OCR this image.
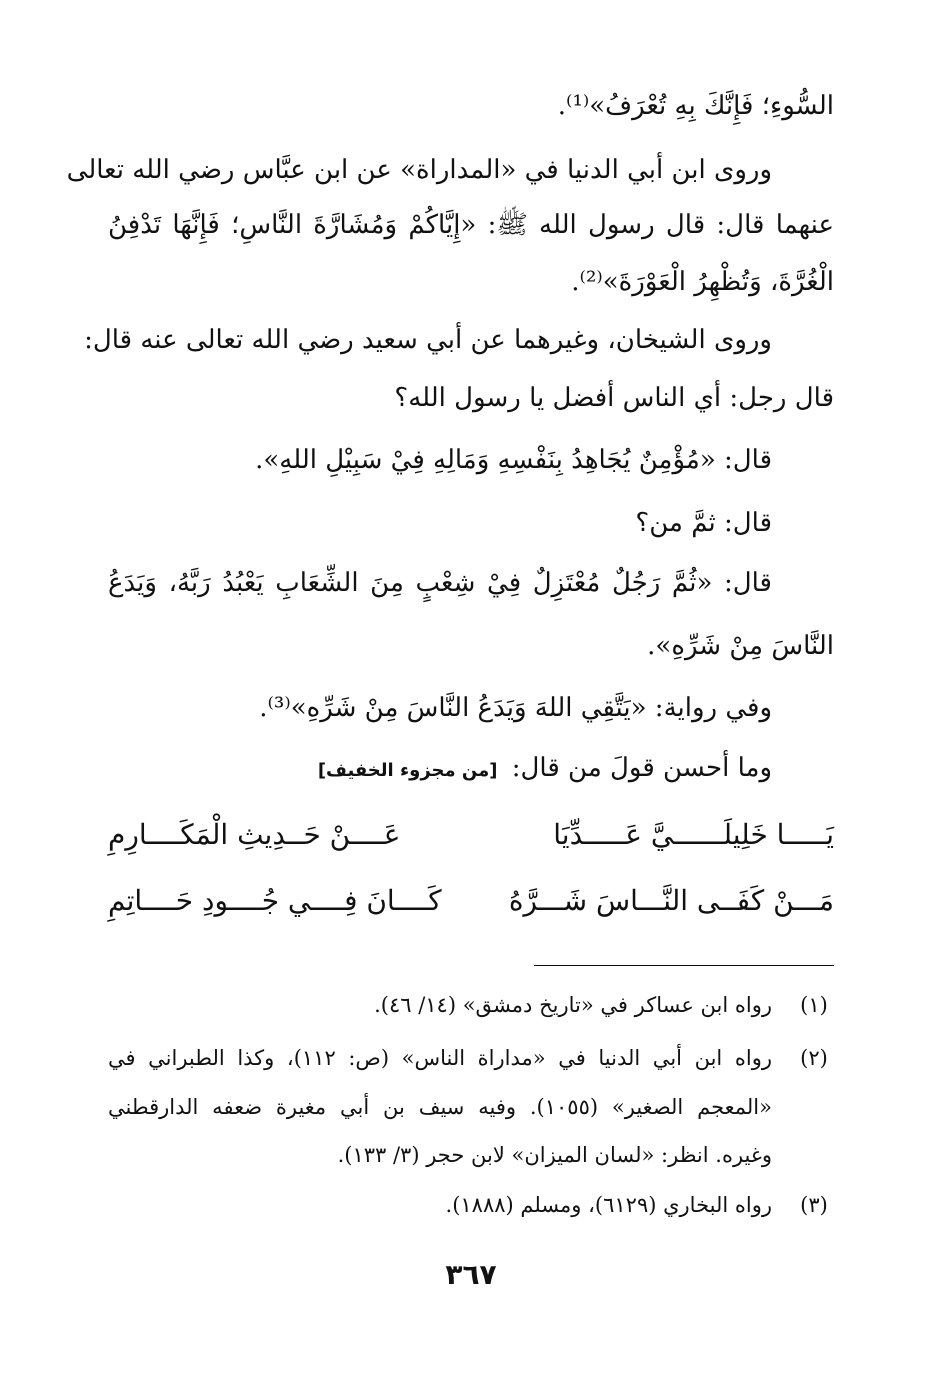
السُّوءِ؛ فَإِنَّكَ بِهِ تُعْرَفُ»⁽¹⁾.
وروى ابن أبي الدنيا في «المداراة» عن ابن عبَّاس رضي الله تعالى
عنهما قال: قال رسول الله ﷺ: «إِيَّاكُمْ وَمُشَارَّةَ النَّاسِ؛ فَإِنَّهَا تَدْفِنُ
الْغُرَّةَ، وَتُظْهِرُ الْعَوْرَةَ»⁽²⁾.
وروى الشيخان، وغيرهما عن أبي سعيد رضي الله تعالى عنه قال:
قال رجل: أي الناس أفضل يا رسول الله؟
قال: «مُؤْمِنٌ يُجَاهِدُ بِنَفْسِهِ وَمَالِهِ فِيْ سَبِيْلِ اللهِ».
قال: ثمَّ من؟
قال: «ثُمَّ رَجُلٌ مُعْتَزِلٌ فِيْ شِعْبٍ مِنَ الشِّعَابِ يَعْبُدُ رَبَّهُ، وَيَدَعُ
النَّاسَ مِنْ شَرِّهِ».
وفي رواية: «يَتَّقِي اللهَ وَيَدَعُ النَّاسَ مِنْ شَرِّهِ»⁽³⁾.
وما أحسن قولَ من قال: [من مجزوء الخفيف]
يَـــــا خَلِيلَــــــيَّ عَـــــدِّيَا
عَــــنْ حَــدِيثِ الْمَكَــــارِمِ
مَـــنْ كَفَــى النَّـــاسَ شَـــرَّهُ
كَــــانَ فِــــي جُــــودِ حَــــاتِمِ
(١)
رواه ابن عساكر في «تاريخ دمشق» (١٤/ ٤٦).
(٢)
رواه ابن أبي الدنيا في «مداراة الناس» (ص: ١١٢)، وكذا الطبراني في
«المعجم الصغير» (١٠٥٥). وفيه سيف بن أبي مغيرة ضعفه الدارقطني
وغيره. انظر: «لسان الميزان» لابن حجر (٣/ ١٣٣).
(٣)
رواه البخاري (٦١٢٩)، ومسلم (١٨٨٨).
٣٦٧
